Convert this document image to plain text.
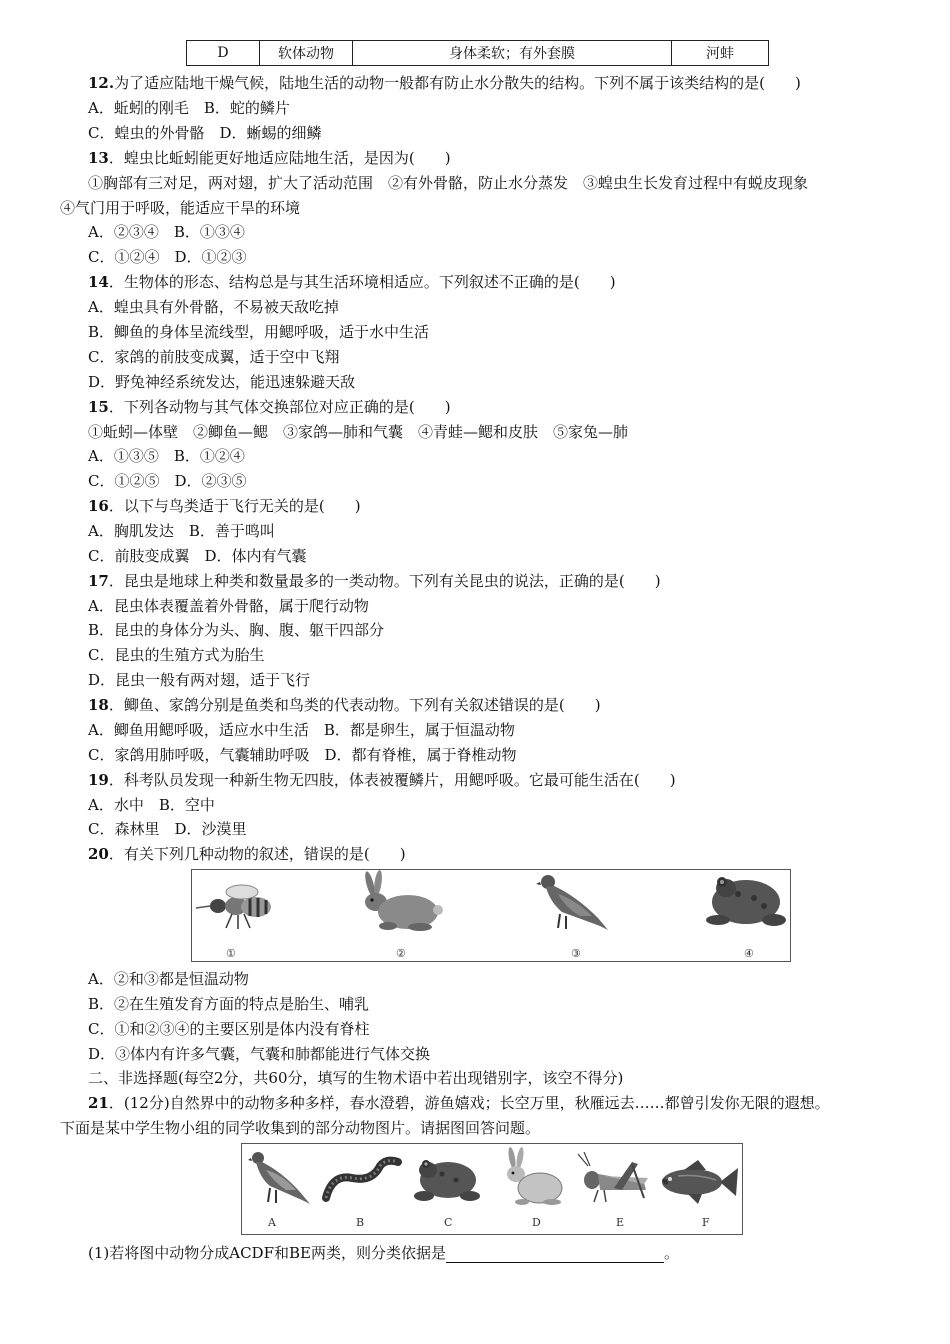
D	软体动物	身体柔软；有外套膜	河蚌
12.为了适应陆地干燥气候，陆地生活的动物一般都有防止水分散失的结构。下列不属于该类结构的是(　　)
A．蚯蚓的刚毛　B．蛇的鳞片
C．蝗虫的外骨骼　D．蜥蜴的细鳞
13．蝗虫比蚯蚓能更好地适应陆地生活，是因为(　　)
①胸部有三对足，两对翅，扩大了活动范围　②有外骨骼，防止水分蒸发　③蝗虫生长发育过程中有蜕皮现象
④气门用于呼吸，能适应干旱的环境
A．②③④　B．①③④
C．①②④　D．①②③
14．生物体的形态、结构总是与其生活环境相适应。下列叙述不正确的是(　　)
A．蝗虫具有外骨骼，不易被天敌吃掉
B．鲫鱼的身体呈流线型，用鳃呼吸，适于水中生活
C．家鸽的前肢变成翼，适于空中飞翔
D．野兔神经系统发达，能迅速躲避天敌
15．下列各动物与其气体交换部位对应正确的是(　　)
①蚯蚓—体壁　②鲫鱼—鳃　③家鸽—肺和气囊　④青蛙—鳃和皮肤　⑤家兔—肺
A．①③⑤　B．①②④
C．①②⑤　D．②③⑤
16．以下与鸟类适于飞行无关的是(　　)
A．胸肌发达　B．善于鸣叫
C．前肢变成翼　D．体内有气囊
17．昆虫是地球上种类和数量最多的一类动物。下列有关昆虫的说法，正确的是(　　)
A．昆虫体表覆盖着外骨骼，属于爬行动物
B．昆虫的身体分为头、胸、腹、躯干四部分
C．昆虫的生殖方式为胎生
D．昆虫一般有两对翅，适于飞行
18．鲫鱼、家鸽分别是鱼类和鸟类的代表动物。下列有关叙述错误的是(　　)
A．鲫鱼用鳃呼吸，适应水中生活　B．都是卵生，属于恒温动物
C．家鸽用肺呼吸，气囊辅助呼吸　D．都有脊椎，属于脊椎动物
19．科考队员发现一种新生物无四肢，体表被覆鳞片，用鳃呼吸。它最可能生活在(　　)
A．水中　B．空中
C．森林里　D．沙漠里
20．有关下列几种动物的叙述，错误的是(　　)
①	②	③	④
A．②和③都是恒温动物
B．②在生殖发育方面的特点是胎生、哺乳
C．①和②③④的主要区别是体内没有脊柱
D．③体内有许多气囊，气囊和肺都能进行气体交换
二、非选择题(每空2分，共60分，填写的生物术语中若出现错别字，该空不得分)
21．(12分)自然界中的动物多种多样，春水澄碧，游鱼嬉戏；长空万里，秋雁远去……都曾引发你无限的遐想。
下面是某中学生物小组的同学收集到的部分动物图片。请据图回答问题。
A	B	C	D	E	F
(1)若将图中动物分成ACDF和BE两类，则分类依据是	。
